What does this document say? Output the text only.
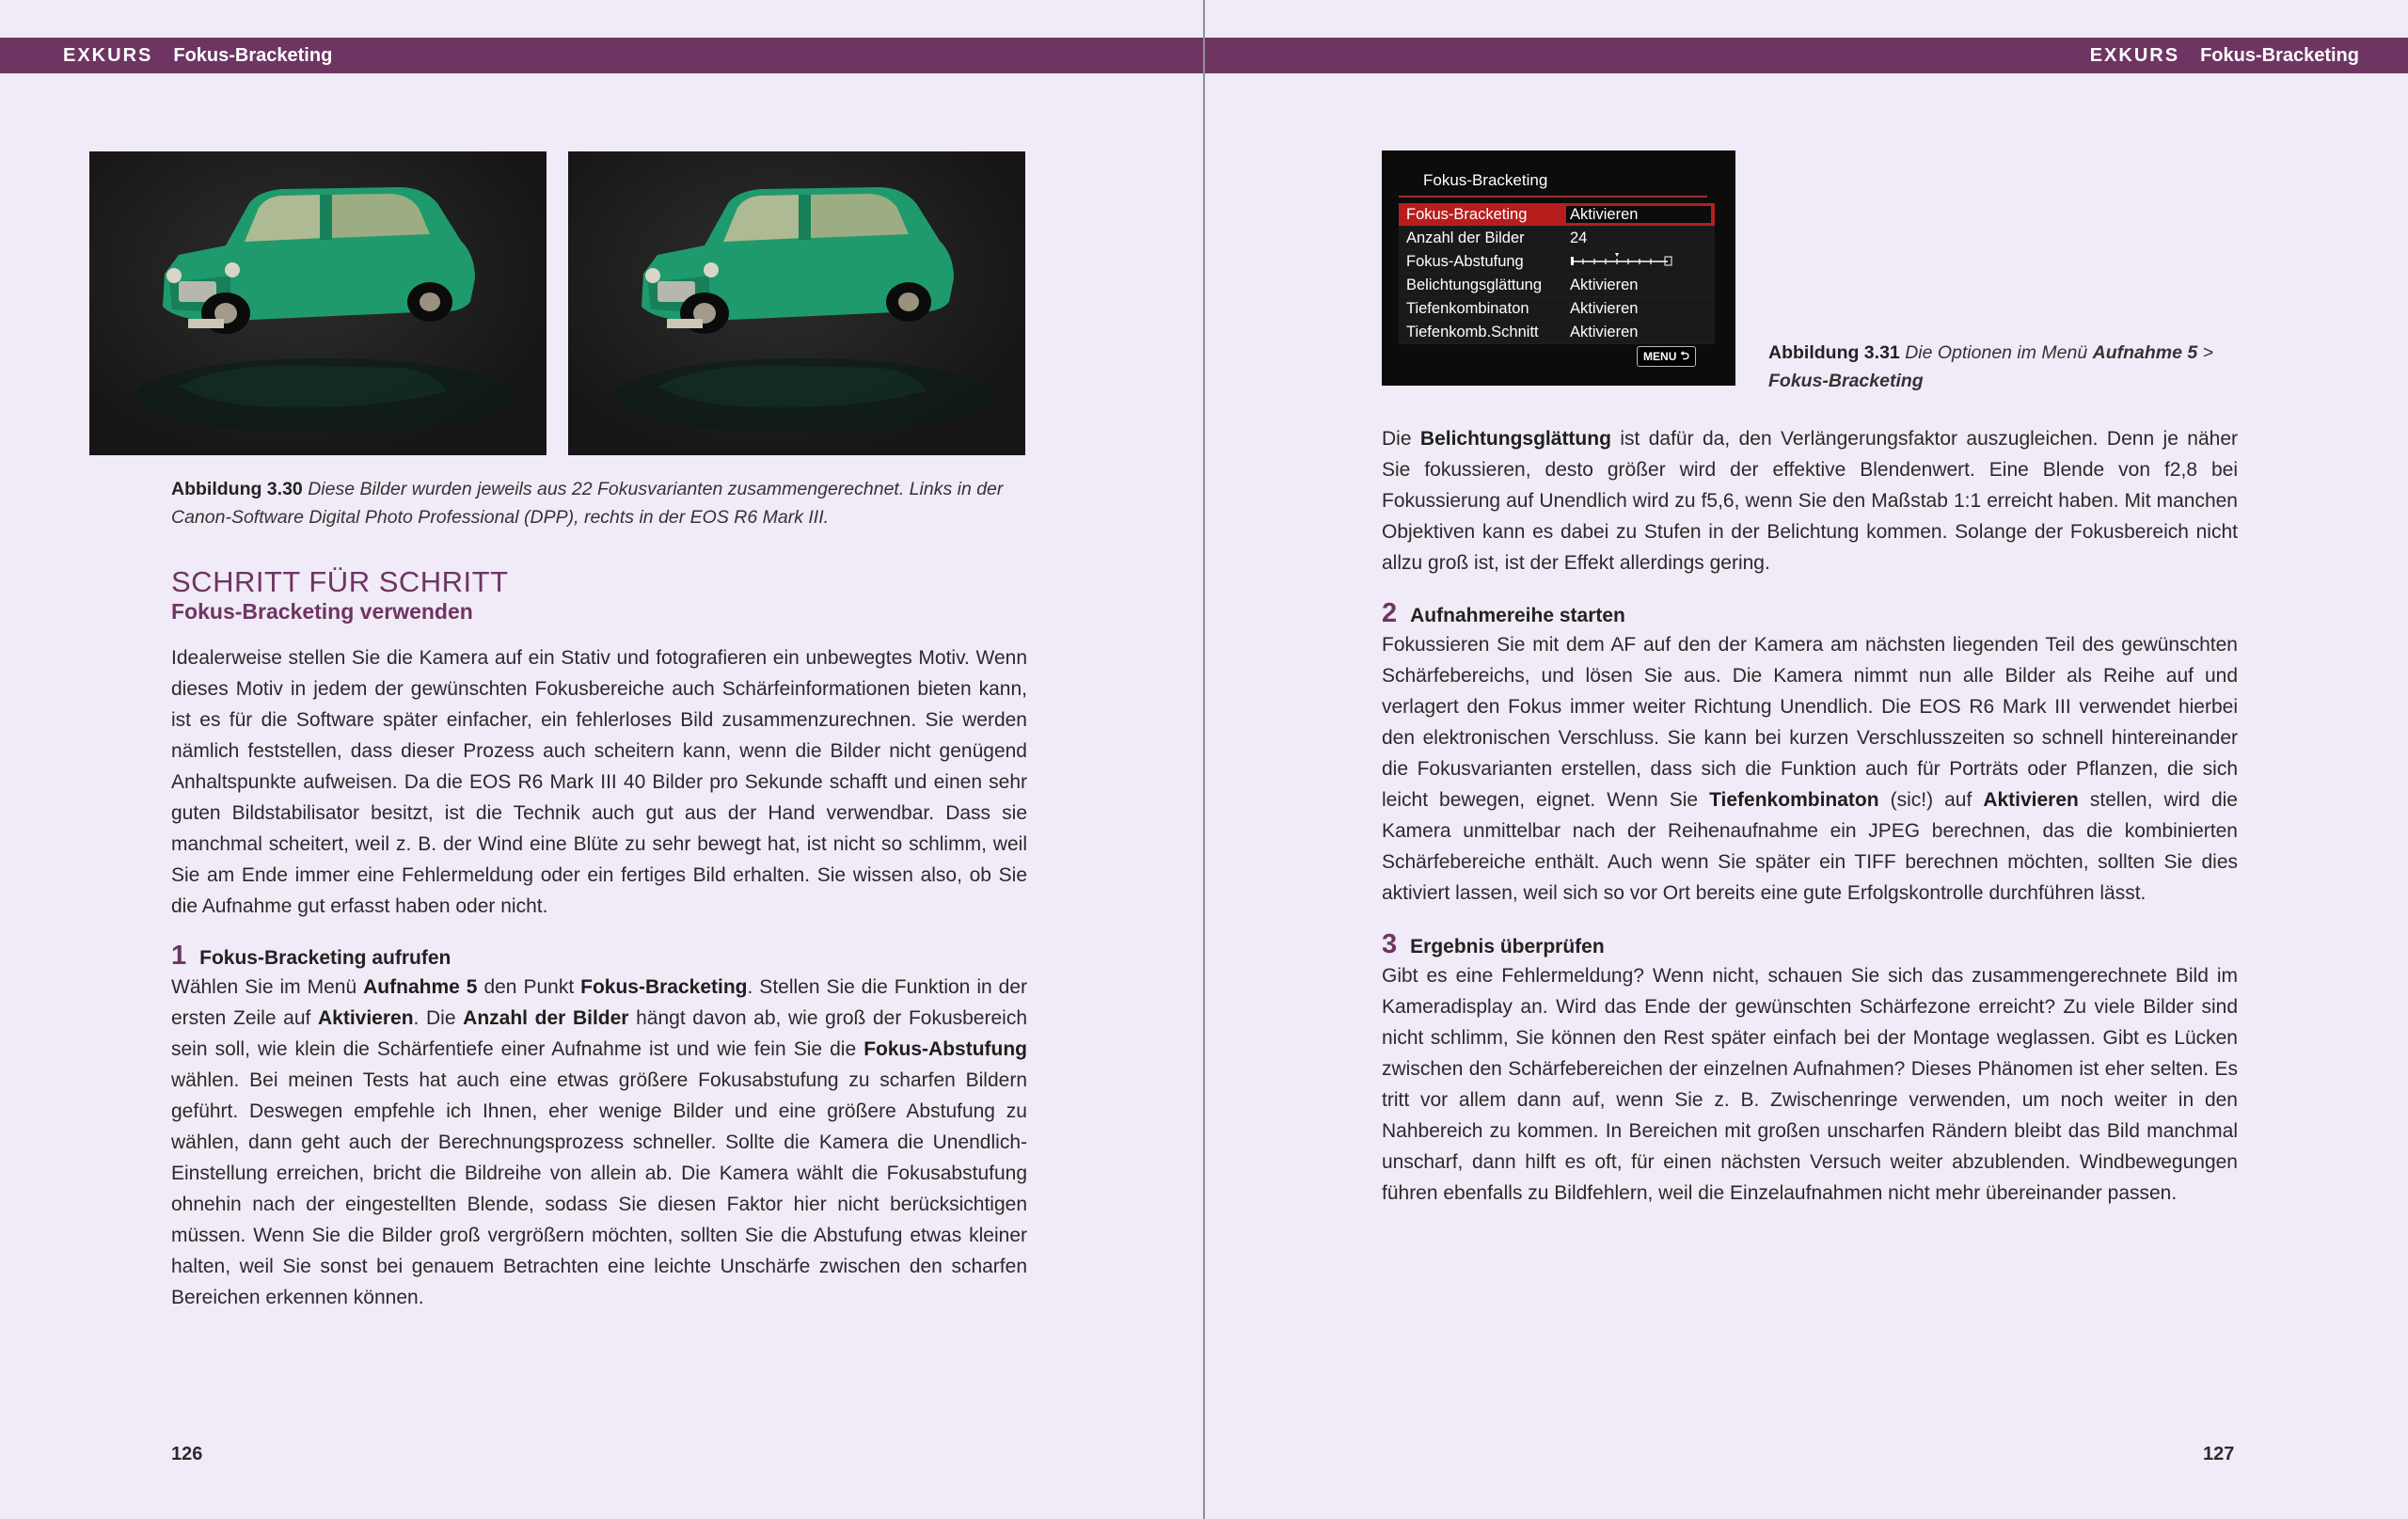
EXKURS Fokus-Bracketing
Abbildung 3.30 Diese Bilder wurden jeweils aus 22 Fokusvarianten zusammengerechnet. Links in der Canon-Software Digital Photo Professional (DPP), rechts in der EOS R6 Mark III.
SCHRITT FÜR SCHRITT
Fokus-Bracketing verwenden
Idealerweise stellen Sie die Kamera auf ein Stativ und fotografieren ein unbewegtes Motiv. Wenn dieses Motiv in jedem der gewünschten Fokusbereiche auch Schärfeinformationen bieten kann, ist es für die Software später einfacher, ein fehlerloses Bild zusammenzurechnen. Sie werden nämlich feststellen, dass dieser Prozess auch scheitern kann, wenn die Bilder nicht genügend Anhaltspunkte aufweisen. Da die EOS R6 Mark III 40 Bilder pro Sekunde schafft und einen sehr guten Bildstabilisator besitzt, ist die Technik auch gut aus der Hand verwendbar. Dass sie manchmal scheitert, weil z. B. der Wind eine Blüte zu sehr bewegt hat, ist nicht so schlimm, weil Sie am Ende immer eine Fehlermeldung oder ein fertiges Bild erhalten. Sie wissen also, ob Sie die Aufnahme gut erfasst haben oder nicht.
1 Fokus-Bracketing aufrufen
Wählen Sie im Menü Aufnahme 5 den Punkt Fokus-Bracketing. Stellen Sie die Funktion in der ersten Zeile auf Aktivieren. Die Anzahl der Bilder hängt davon ab, wie groß der Fokusbereich sein soll, wie klein die Schärfentiefe einer Aufnahme ist und wie fein Sie die Fokus-Abstufung wählen. Bei meinen Tests hat auch eine etwas größere Fokusabstufung zu scharfen Bildern geführt. Deswegen empfehle ich Ihnen, eher wenige Bilder und eine größere Abstufung zu wählen, dann geht auch der Berechnungsprozess schneller. Sollte die Kamera die Unendlich-Einstellung erreichen, bricht die Bildreihe von allein ab. Die Kamera wählt die Fokusabstufung ohnehin nach der eingestellten Blende, sodass Sie diesen Faktor hier nicht berücksichtigen müssen. Wenn Sie die Bilder groß vergrößern möchten, sollten Sie die Abstufung etwas kleiner halten, weil Sie sonst bei genauem Betrachten eine leichte Unschärfe zwischen den scharfen Bereichen erkennen können.
126
EXKURS Fokus-Bracketing
Fokus-Bracketing
Fokus-Bracketing	Aktivieren
Anzahl der Bilder	24
Fokus-Abstufung
Belichtungsglättung	Aktivieren
Tiefenkombinaton	Aktivieren
Tiefenkomb.Schnitt	Aktivieren
MENU ⮌	Abbildung 3.31 Die Optionen im Menü Aufnahme 5 > Fokus-Bracketing
Die Belichtungsglättung ist dafür da, den Verlängerungsfaktor auszugleichen. Denn je näher Sie fokussieren, desto größer wird der effektive Blendenwert. Eine Blende von f2,8 bei Fokussierung auf Unendlich wird zu f5,6, wenn Sie den Maßstab 1:1 erreicht haben. Mit manchen Objektiven kann es dabei zu Stufen in der Belichtung kommen. Solange der Fokusbereich nicht allzu groß ist, ist der Effekt allerdings gering.
2 Aufnahmereihe starten
Fokussieren Sie mit dem AF auf den der Kamera am nächsten liegenden Teil des gewünschten Schärfebereichs, und lösen Sie aus. Die Kamera nimmt nun alle Bilder als Reihe auf und verlagert den Fokus immer weiter Richtung Unendlich. Die EOS R6 Mark III verwendet hierbei den elektronischen Verschluss. Sie kann bei kurzen Verschlusszeiten so schnell hintereinander die Fokusvarianten erstellen, dass sich die Funktion auch für Porträts oder Pflanzen, die sich leicht bewegen, eignet. Wenn Sie Tiefenkombinaton (sic!) auf Aktivieren stellen, wird die Kamera unmittelbar nach der Reihenaufnahme ein JPEG berechnen, das die kombinierten Schärfebereiche enthält. Auch wenn Sie später ein TIFF berechnen möchten, sollten Sie dies aktiviert lassen, weil sich so vor Ort bereits eine gute Erfolgskontrolle durchführen lässt.
3 Ergebnis überprüfen
Gibt es eine Fehlermeldung? Wenn nicht, schauen Sie sich das zusammengerechnete Bild im Kameradisplay an. Wird das Ende der gewünschten Schärfezone erreicht? Zu viele Bilder sind nicht schlimm, Sie können den Rest später einfach bei der Montage weglassen. Gibt es Lücken zwischen den Schärfebereichen der einzelnen Aufnahmen? Dieses Phänomen ist eher selten. Es tritt vor allem dann auf, wenn Sie z. B. Zwischenringe verwenden, um noch weiter in den Nahbereich zu kommen. In Bereichen mit großen unscharfen Rändern bleibt das Bild manchmal unscharf, dann hilft es oft, für einen nächsten Versuch weiter abzublenden. Windbewegungen führen ebenfalls zu Bildfehlern, weil die Einzelaufnahmen nicht mehr übereinander passen.
127
